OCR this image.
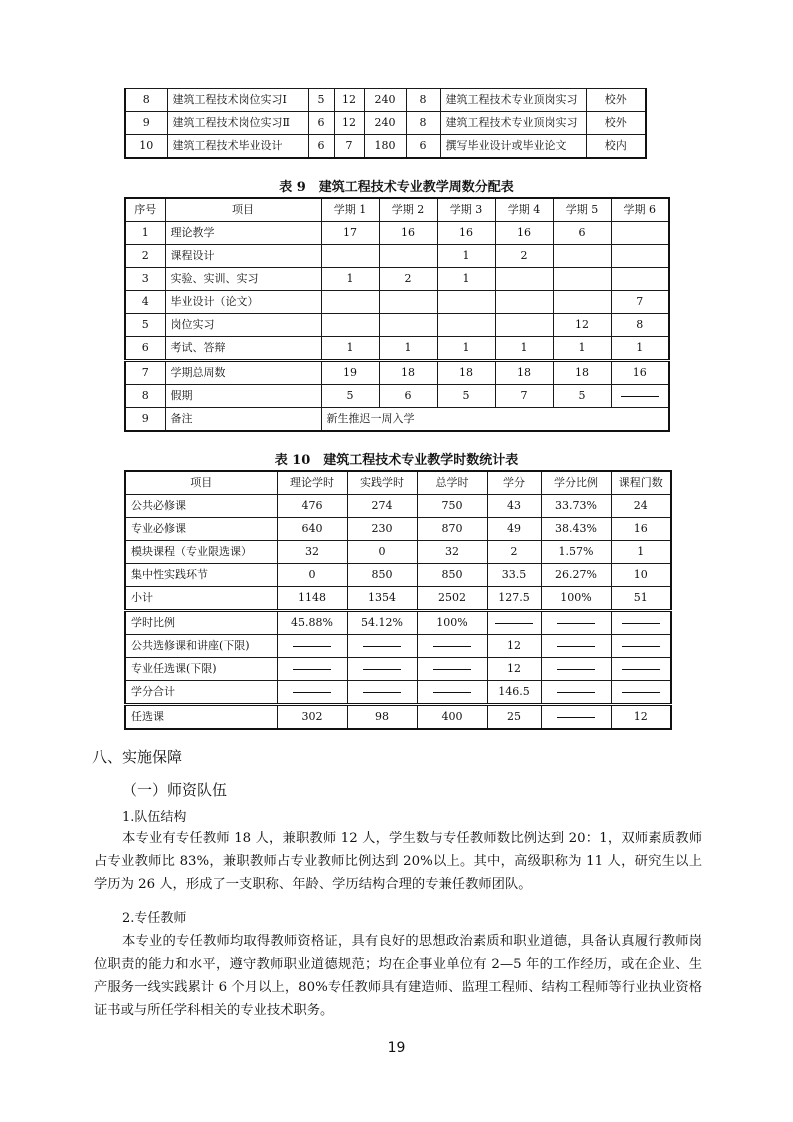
8	建筑工程技术岗位实习Ⅰ	5	12	240	8	建筑工程技术专业顶岗实习	校外
9	建筑工程技术岗位实习Ⅱ	6	12	240	8	建筑工程技术专业顶岗实习	校外
10	建筑工程技术毕业设计	6	7	180	6	撰写毕业设计或毕业论文	校内
表 9　建筑工程技术专业教学周数分配表
序号	项目	学期 1	学期 2	学期 3	学期 4	学期 5	学期 6
1	理论教学	17	16	16	16	6	
2	课程设计			1	2		
3	实验、实训、实习	1	2	1			
4	毕业设计（论文）						7
5	岗位实习					12	8
6	考试、答辩	1	1	1	1	1	1
7	学期总周数	19	18	18	18	18	16
8	假期	5	6	5	7	5	
9	备注	新生推迟一周入学					
表 10　建筑工程技术专业教学时数统计表
项目	理论学时	实践学时	总学时	学分	学分比例	课程门数
公共必修课	476	274	750	43	33.73%	24
专业必修课	640	230	870	49	38.43%	16
模块课程（专业限选课）	32	0	32	2	1.57%	1
集中性实践环节	0	850	850	33.5	26.27%	10
小计	1148	1354	2502	127.5	100%	51
学时比例	45.88%	54.12%	100%			
公共选修课和讲座(下限)				12		
专业任选课(下限)				12		
学分合计				146.5		
任选课	302	98	400	25		12
八、实施保障
（一）师资队伍
1.队伍结构

本专业有专任教师 18 人，兼职教师 12 人，学生数与专任教师数比例达到 20：1，双师素质教师占专业教师比 83%，兼职教师占专业教师比例达到 20%以上。其中，高级职称为 11 人，研究生以上学历为 26 人，形成了一支职称、年龄、学历结构合理的专兼任教师团队。

2.专任教师

本专业的专任教师均取得教师资格证，具有良好的思想政治素质和职业道德，具备认真履行教师岗位职责的能力和水平，遵守教师职业道德规范；均在企事业单位有 2—5 年的工作经历，或在企业、生产服务一线实践累计 6 个月以上，80%专任教师具有建造师、监理工程师、结构工程师等行业执业资格证书或与所任学科相关的专业技术职务。

19
